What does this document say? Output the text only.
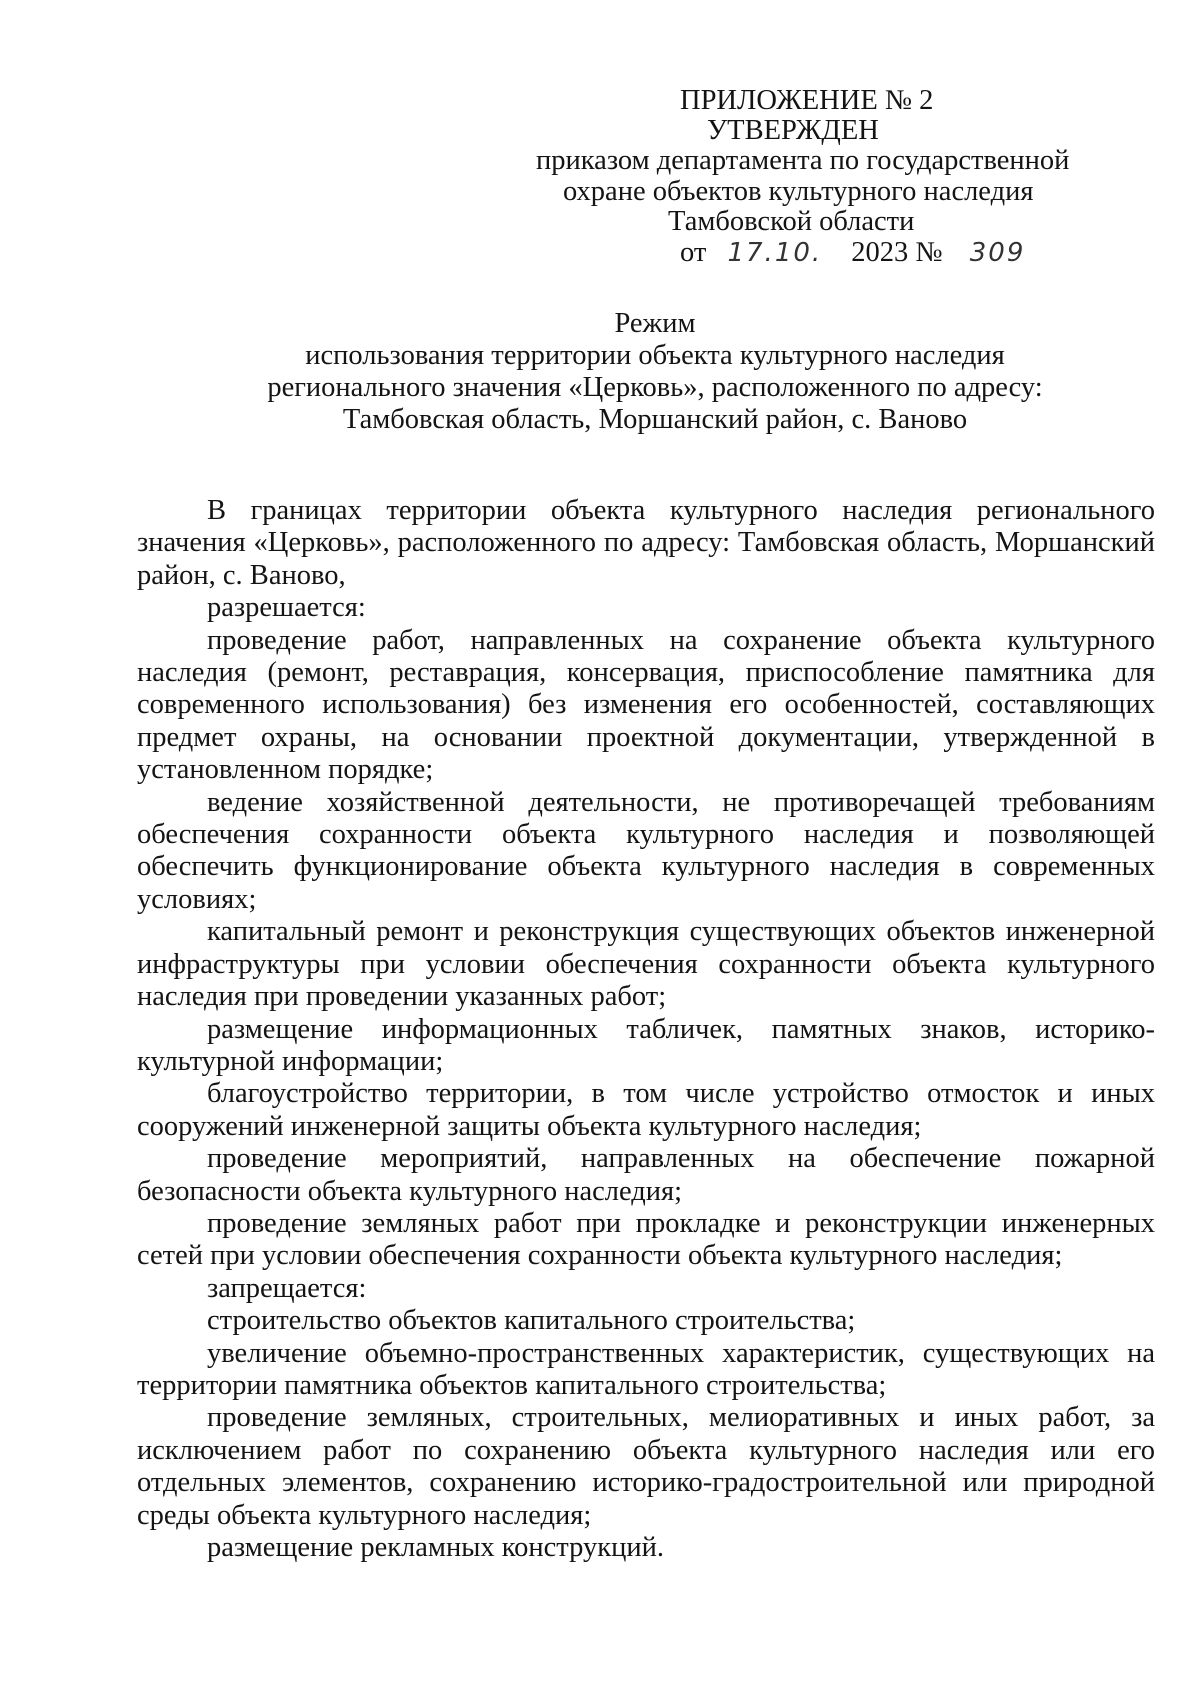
ПРИЛОЖЕНИЕ № 2
УТВЕРЖДЕН
приказом департамента по государственной
охране объектов культурного наследия
Тамбовской области
от 17.10. 2023 № 309
Режим
использования территории объекта культурного наследия
регионального значения «Церковь», расположенного по адресу:
Тамбовская область, Моршанский район, с. Ваново

В границах территории объекта культурного наследия регионального значения «Церковь», расположенного по адресу: Тамбовская область, Моршанский район, с. Ваново,

разрешается:

проведение работ, направленных на сохранение объекта культурного наследия (ремонт, реставрация, консервация, приспособление памятника для современного использования) без изменения его особенностей, составляющих предмет охраны, на основании проектной документации, утвержденной в установленном порядке;

ведение хозяйственной деятельности, не противоречащей требованиям обеспечения сохранности объекта культурного наследия и позволяющей обеспечить функционирование объекта культурного наследия в современных условиях;

капитальный ремонт и реконструкция существующих объектов инженерной инфраструктуры при условии обеспечения сохранности объекта культурного наследия при проведении указанных работ;

размещение информационных табличек, памятных знаков, историко-культурной информации;

благоустройство территории, в том числе устройство отмосток и иных сооружений инженерной защиты объекта культурного наследия;

проведение мероприятий, направленных на обеспечение пожарной безопасности объекта культурного наследия;

проведение земляных работ при прокладке и реконструкции инженерных сетей при условии обеспечения сохранности объекта культурного наследия;

запрещается:

строительство объектов капитального строительства;

увеличение объемно-пространственных характеристик, существующих на территории памятника объектов капитального строительства;

проведение земляных, строительных, мелиоративных и иных работ, за исключением работ по сохранению объекта культурного наследия или его отдельных элементов, сохранению историко-градостроительной или природной среды объекта культурного наследия;

размещение рекламных конструкций.
